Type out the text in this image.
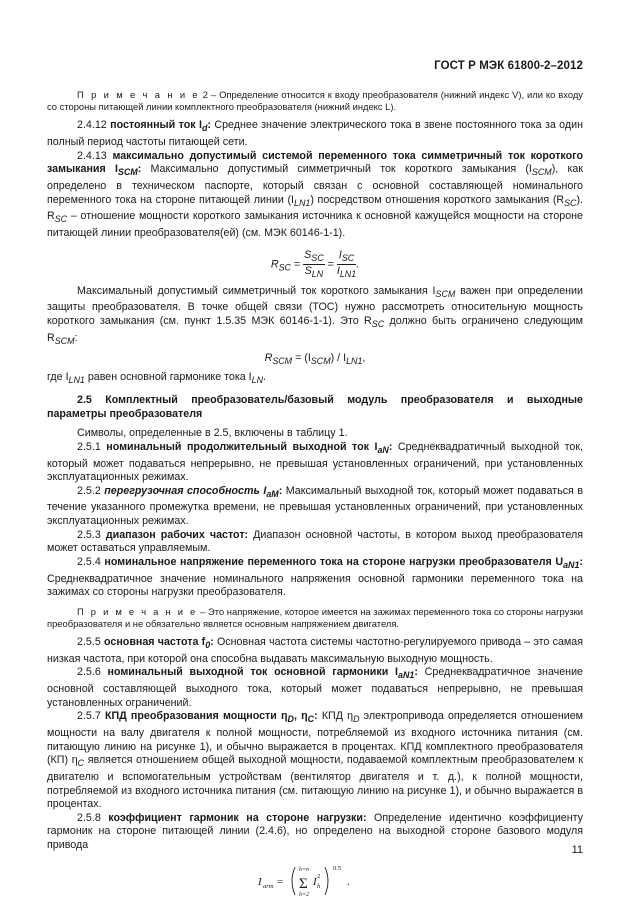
ГОСТ Р МЭК 61800-2–2012

П р и м е ч а н и е 2 – Определение относится к входу преобразователя (нижний индекс V), или ко входу со стороны питающей линии комплектного преобразователя (нижний индекс L).

2.4.12 постоянный ток $I_d$: Среднее значение электрического тока в звене постоянного тока за один полный период частоты питающей сети.

2.4.13 максимально допустимый системой переменного тока симметричный ток короткого замыкания $I_{SCM}$: Максимально допустимый симметричный ток короткого замыкания $(I_{SCM})$, как определено в техническом паспорте, который связан с основной составляющей номинального переменного тока на стороне питающей линии $(I_{LN1})$ посредством отношения короткого замыкания $(R_{SC})$. $R_{SC}$ – отношение мощности короткого замыкания источника к основной кажущейся мощности на стороне питающей линии преобразователя(ей) (см. МЭК 60146-1-1).

$R_{SC} = \frac{S_{SC}}{S_{LN}} = \frac{I_{SC}}{I_{LN1}}$ .

Максимальный допустимый симметричный ток короткого замыкания $I_{SCM}$ важен при определении защиты преобразователя. В точке общей связи (ТОС) нужно рассмотреть относительную мощность короткого замыкания (см. пункт 1.5.35 МЭК 60146-1-1). Это $R_{SC}$ должно быть ограничено следующим $R_{SCM}$:

$R_{SCM} = (I_{SCM}) / I_{LN1}$,

где $I_{LN1}$ равен основной гармонике тока $I_{LN}$.

2.5 Комплектный преобразователь/базовый модуль преобразователя и выходные параметры преобразователя

Символы, определенные в 2.5, включены в таблицу 1.

2.5.1 номинальный продолжительный выходной ток $I_{aN}$: Среднеквадратичный выходной ток, который может подаваться непрерывно, не превышая установленных ограничений, при установленных эксплуатационных режимах.

2.5.2 перегрузочная способность $I_{aM}$: Максимальный выходной ток, который может подаваться в течение указанного промежутка времени, не превышая установленных ограничений, при установленных эксплуатационных режимах.

2.5.3 диапазон рабочих частот: Диапазон основной частоты, в котором выход преобразователя может оставаться управляемым.

2.5.4 номинальное напряжение переменного тока на стороне нагрузки преобразователя $U_{aN1}$: Среднеквадратичное значение номинального напряжения основной гармоники переменного тока на зажимах со стороны нагрузки преобразователя.

П р и м е ч а н и е – Это напряжение, которое имеется на зажимах переменного тока со стороны нагрузки преобразователя и не обязательно является основным напряжением двигателя.

2.5.5 основная частота $f_0$: Основная частота системы частотно-регулируемого привода – это самая низкая частота, при которой она способна выдавать максимальную выходную мощность.

2.5.6 номинальный выходной ток основной гармоники $I_{aN1}$: Среднеквадратичное значение основной составляющей выходного тока, который может подаваться непрерывно, не превышая установленных ограничений.

2.5.7 КПД преобразования мощности $\eta_D$, $\eta_C$: КПД $\eta_D$ электропривода определяется отношением мощности на валу двигателя к полной мощности, потребляемой из входного источника питания (см. питающую линию на рисунке 1), и обычно выражается в процентах. КПД комплектного преобразователя (КП) $\eta_C$ является отношением общей выходной мощности, подаваемой комплектным преобразователем к двигателю и вспомогательным устройствам (вентилятор двигателя и т. д.), к полной мощности, потребляемой из входного источника питания (см. питающую линию на рисунке 1), и обычно выражается в процентах.

2.5.8 коэффициент гармоник на стороне нагрузки: Определение идентично коэффициенту гармоник на стороне питающей линии (2.4.6), но определено на выходной стороне базового модуля привода

I arm =
h=n
Σ
h=2
I 2
h
0.5
.
11
